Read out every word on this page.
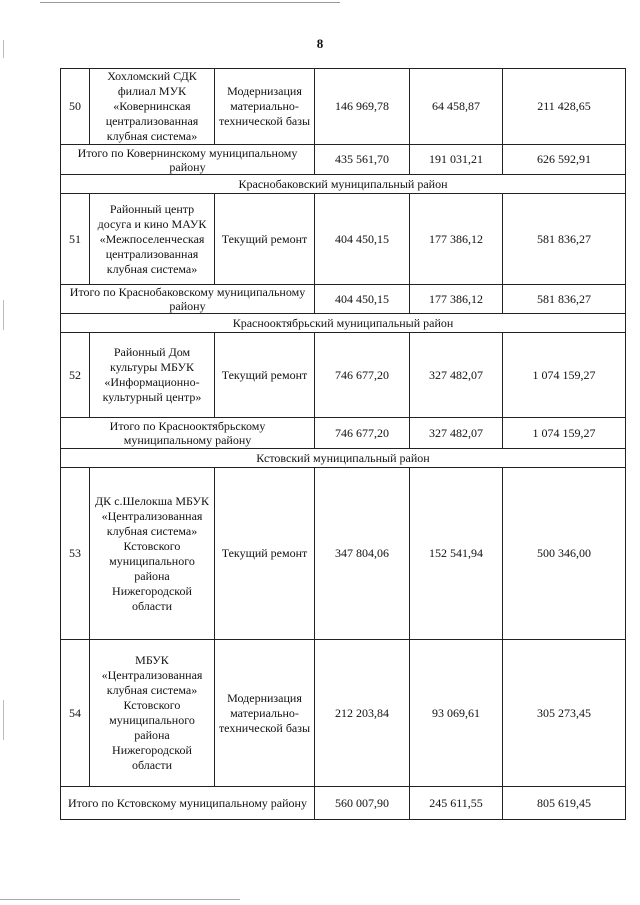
8
50	Хохломский СДК филиал МУК «Ковернинская централизованная клубная система»	Модернизация материально-технической базы	146 969,78	64 458,87	211 428,65
Итого по Ковернинскому муниципальному району			435 561,70	191 031,21	626 592,91
Краснобаковский муниципальный район					
51	Районный центр досуга и кино МАУК «Межпоселенческая централизованная клубная система»	Текущий ремонт	404 450,15	177 386,12	581 836,27
Итого по Краснобаковскому муниципальному району			404 450,15	177 386,12	581 836,27
Краснооктябрьский муниципальный район					
52	Районный Дом культуры МБУК «Информационно-культурный центр»	Текущий ремонт	746 677,20	327 482,07	1 074 159,27
Итого по Краснооктябрьскому муниципальному району			746 677,20	327 482,07	1 074 159,27
Кстовский муниципальный район					
53	ДК с.Шелокша МБУК «Централизованная клубная система» Кстовского муниципального района Нижегородской области	Текущий ремонт	347 804,06	152 541,94	500 346,00
54	МБУК «Централизованная клубная система» Кстовского муниципального района Нижегородской области	Модернизация материально-технической базы	212 203,84	93 069,61	305 273,45
Итого по Кстовскому муниципальному району			560 007,90	245 611,55	805 619,45
